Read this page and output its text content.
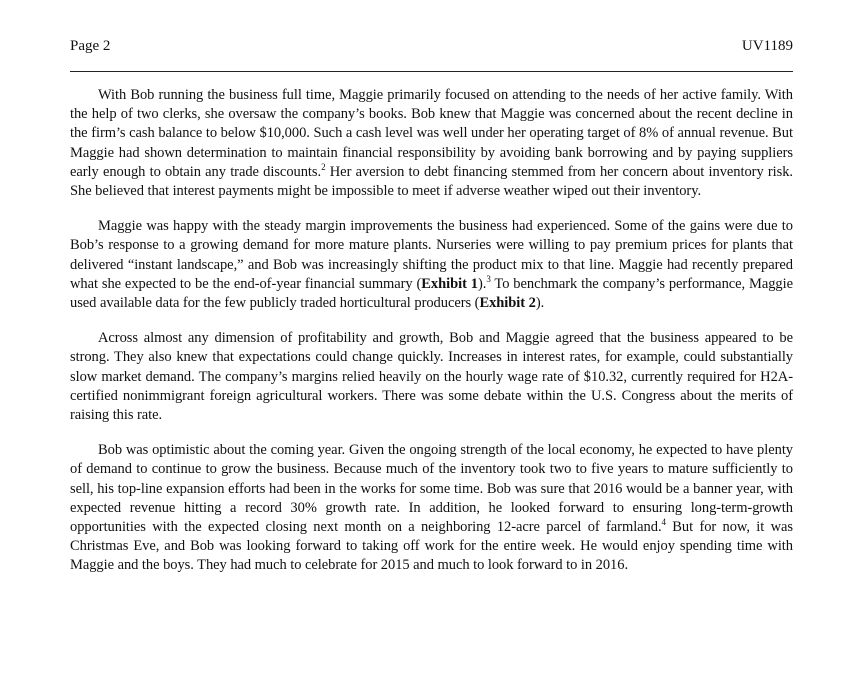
Page 2	UV1189

With Bob running the business full time, Maggie primarily focused on attending to the needs of her active family. With the help of two clerks, she oversaw the company’s books. Bob knew that Maggie was concerned about the recent decline in the firm’s cash balance to below $10,000. Such a cash level was well under her operating target of 8% of annual revenue. But Maggie had shown determination to maintain financial responsibility by avoiding bank borrowing and by paying suppliers early enough to obtain any trade discounts.$^2$ Her aversion to debt financing stemmed from her concern about inventory risk. She believed that interest payments might be impossible to meet if adverse weather wiped out their inventory.

Maggie was happy with the steady margin improvements the business had experienced. Some of the gains were due to Bob’s response to a growing demand for more mature plants. Nurseries were willing to pay premium prices for plants that delivered “instant landscape,” and Bob was increasingly shifting the product mix to that line. Maggie had recently prepared what she expected to be the end-of-year financial summary (Exhibit 1).$^3$ To benchmark the company’s performance, Maggie used available data for the few publicly traded horticultural producers (Exhibit 2).

Across almost any dimension of profitability and growth, Bob and Maggie agreed that the business appeared to be strong. They also knew that expectations could change quickly. Increases in interest rates, for example, could substantially slow market demand. The company’s margins relied heavily on the hourly wage rate of $10.32, currently required for H2A-certified nonimmigrant foreign agricultural workers. There was some debate within the U.S. Congress about the merits of raising this rate.

Bob was optimistic about the coming year. Given the ongoing strength of the local economy, he expected to have plenty of demand to continue to grow the business. Because much of the inventory took two to five years to mature sufficiently to sell, his top-line expansion efforts had been in the works for some time. Bob was sure that 2016 would be a banner year, with expected revenue hitting a record 30% growth rate. In addition, he looked forward to ensuring long-term-growth opportunities with the expected closing next month on a neighboring 12-acre parcel of farmland.$^4$ But for now, it was Christmas Eve, and Bob was looking forward to taking off work for the entire week. He would enjoy spending time with Maggie and the boys. They had much to celebrate for 2015 and much to look forward to in 2016.
